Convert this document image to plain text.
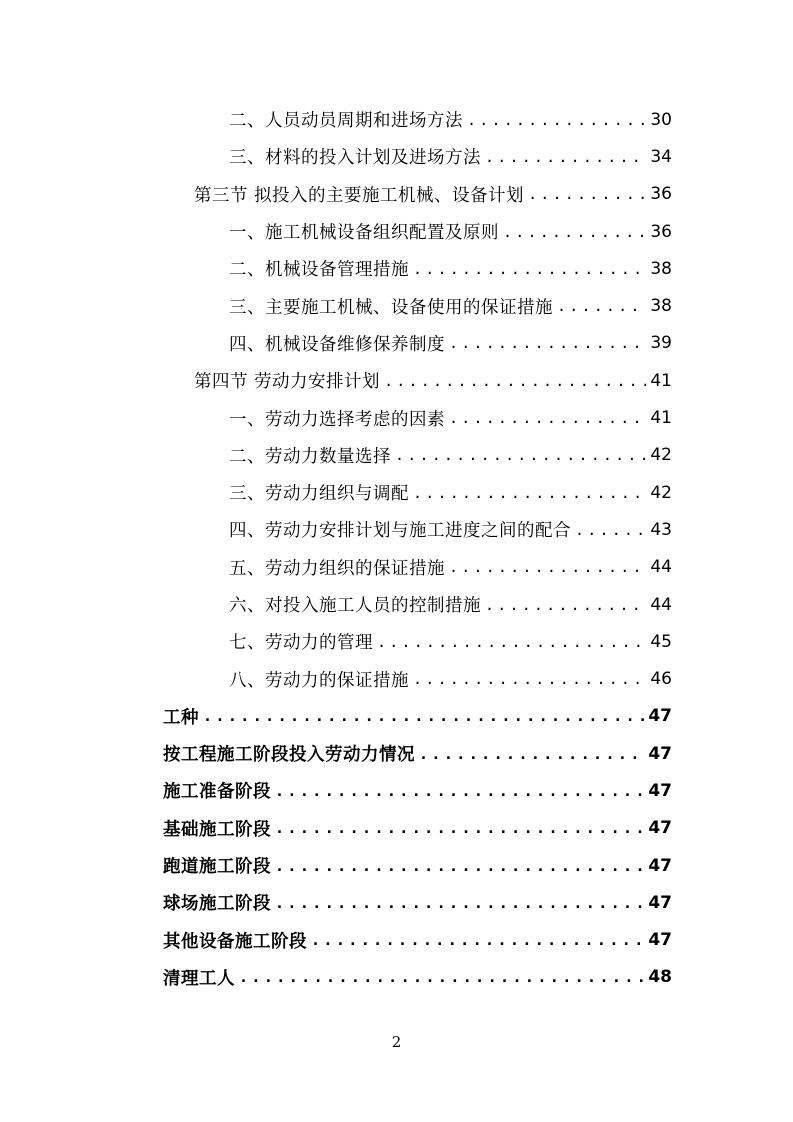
二、人员动员周期和进场方法 .....	30
三、材料的投入计划及进场方法 .....	34
第三节 拟投入的主要施工机械、设备计划 .....	36
一、施工机械设备组织配置及原则 .....	36
二、机械设备管理措施 .....	38
三、主要施工机械、设备使用的保证措施 .....	38
四、机械设备维修保养制度 .....	39
第四节 劳动力安排计划 .....	41
一、劳动力选择考虑的因素 .....	41
二、劳动力数量选择 .....	42
三、劳动力组织与调配 .....	42
四、劳动力安排计划与施工进度之间的配合 .....	43
五、劳动力组织的保证措施 .....	44
六、对投入施工人员的控制措施 .....	44
七、劳动力的管理 .....	45
八、劳动力的保证措施 .....	46
工种 .....	47
按工程施工阶段投入劳动力情况 .....	47
施工准备阶段 .....	47
基础施工阶段 .....	47
跑道施工阶段 .....	47
球场施工阶段 .....	47
其他设备施工阶段 .....	47
清理工人 .....	48
2
